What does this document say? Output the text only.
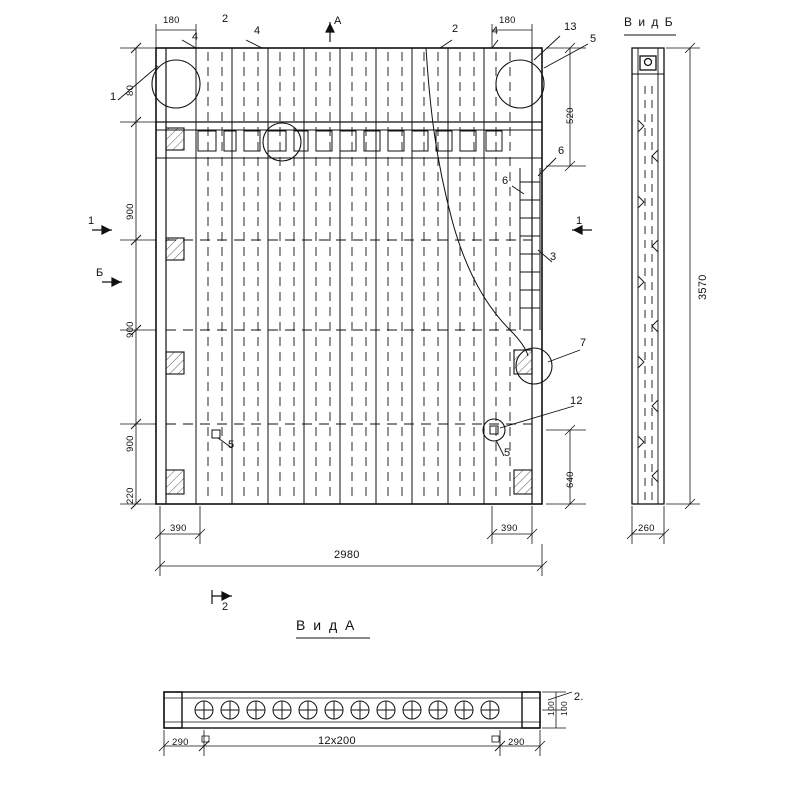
180	180
80
900
900
900
220
520
640
390	390
2980
1
2
4	4
А
2	4	13
5
6
6
3
7
12
5
5
Б
1	1
2
В и д А
В и д Б
3570
260
290	290
12x200
100 100
2.
